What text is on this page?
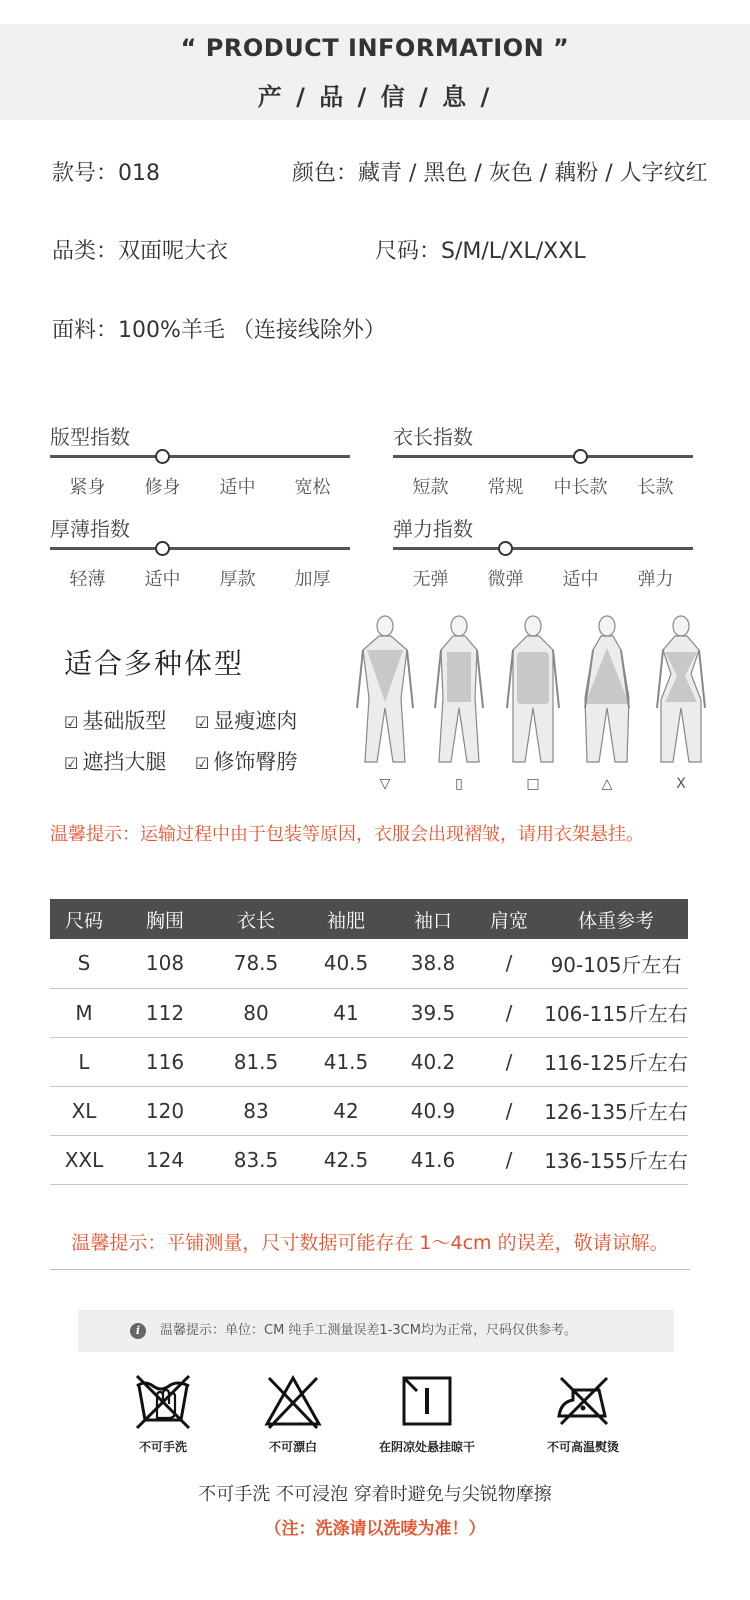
“ PRODUCT INFORMATION ”
产 / 品 / 信 / 息 /
款号：018	颜色：藏青 / 黑色 / 灰色 / 藕粉 / 人字纹红
品类：双面呢大衣	尺码：S/M/L/XL/XXL
面料：100%羊毛 （连接线除外）
版型指数
紧身	修身	适中	宽松
衣长指数
短款	常规	中长款	长款
厚薄指数
轻薄	适中	厚款	加厚
弹力指数
无弹	微弹	适中	弹力
适合多种体型
☑ 基础版型 ☑ 显瘦遮肉
☑ 遮挡大腿 ☑ 修饰臀胯
▽	▯	□	△	X
温馨提示：运输过程中由于包装等原因，衣服会出现褶皱，请用衣架悬挂。
尺码	胸围	衣长	袖肥	袖口	肩宽	体重参考
S	108	78.5	40.5	38.8	/	90-105斤左右
M	112	80	41	39.5	/	106-115斤左右
L	116	81.5	41.5	40.2	/	116-125斤左右
XL	120	83	42	40.9	/	126-135斤左右
XXL	124	83.5	42.5	41.6	/	136-155斤左右
温馨提示：平铺测量，尺寸数据可能存在 1～4cm 的误差，敬请谅解。
i	温馨提示：单位：CM 纯手工测量误差1-3CM均为正常，尺码仅供参考。
不可手洗	不可漂白	在阴凉处悬挂晾干	不可高温熨烫
不可手洗 不可浸泡 穿着时避免与尖锐物摩擦
（注：洗涤请以洗唛为准！）
